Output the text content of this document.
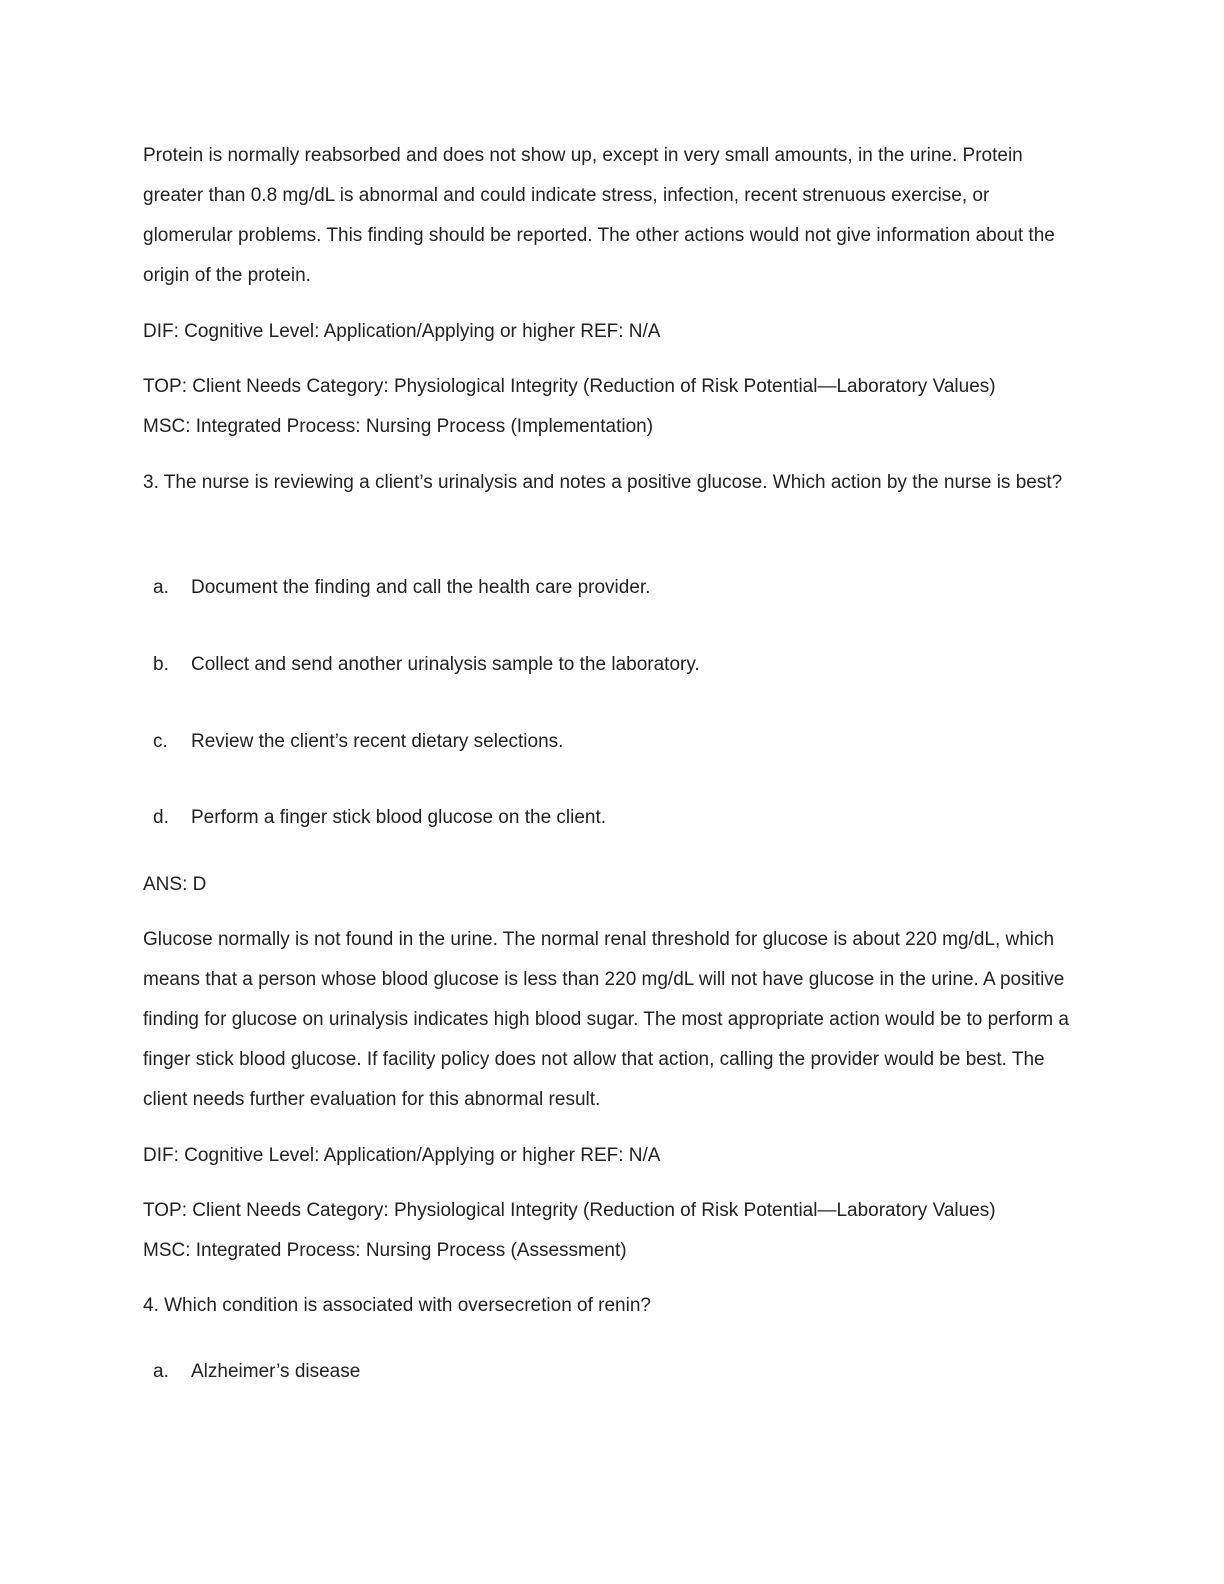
Protein is normally reabsorbed and does not show up, except in very small amounts, in the urine. Protein greater than 0.8 mg/dL is abnormal and could indicate stress, infection, recent strenuous exercise, or glomerular problems. This finding should be reported. The other actions would not give information about the origin of the protein.

DIF: Cognitive Level: Application/Applying or higher REF: N/A

TOP: Client Needs Category: Physiological Integrity (Reduction of Risk Potential—Laboratory Values)

MSC: Integrated Process: Nursing Process (Implementation)

3. The nurse is reviewing a client’s urinalysis and notes a positive glucose. Which action by the nurse is best?

a. Document the finding and call the health care provider.
b. Collect and send another urinalysis sample to the laboratory.
c. Review the client’s recent dietary selections.
d. Perform a finger stick blood glucose on the client.

ANS: D

Glucose normally is not found in the urine. The normal renal threshold for glucose is about 220 mg/dL, which means that a person whose blood glucose is less than 220 mg/dL will not have glucose in the urine. A positive finding for glucose on urinalysis indicates high blood sugar. The most appropriate action would be to perform a finger stick blood glucose. If facility policy does not allow that action, calling the provider would be best. The client needs further evaluation for this abnormal result.

DIF: Cognitive Level: Application/Applying or higher REF: N/A

TOP: Client Needs Category: Physiological Integrity (Reduction of Risk Potential—Laboratory Values)

MSC: Integrated Process: Nursing Process (Assessment)

4. Which condition is associated with oversecretion of renin?

a. Alzheimer’s disease
